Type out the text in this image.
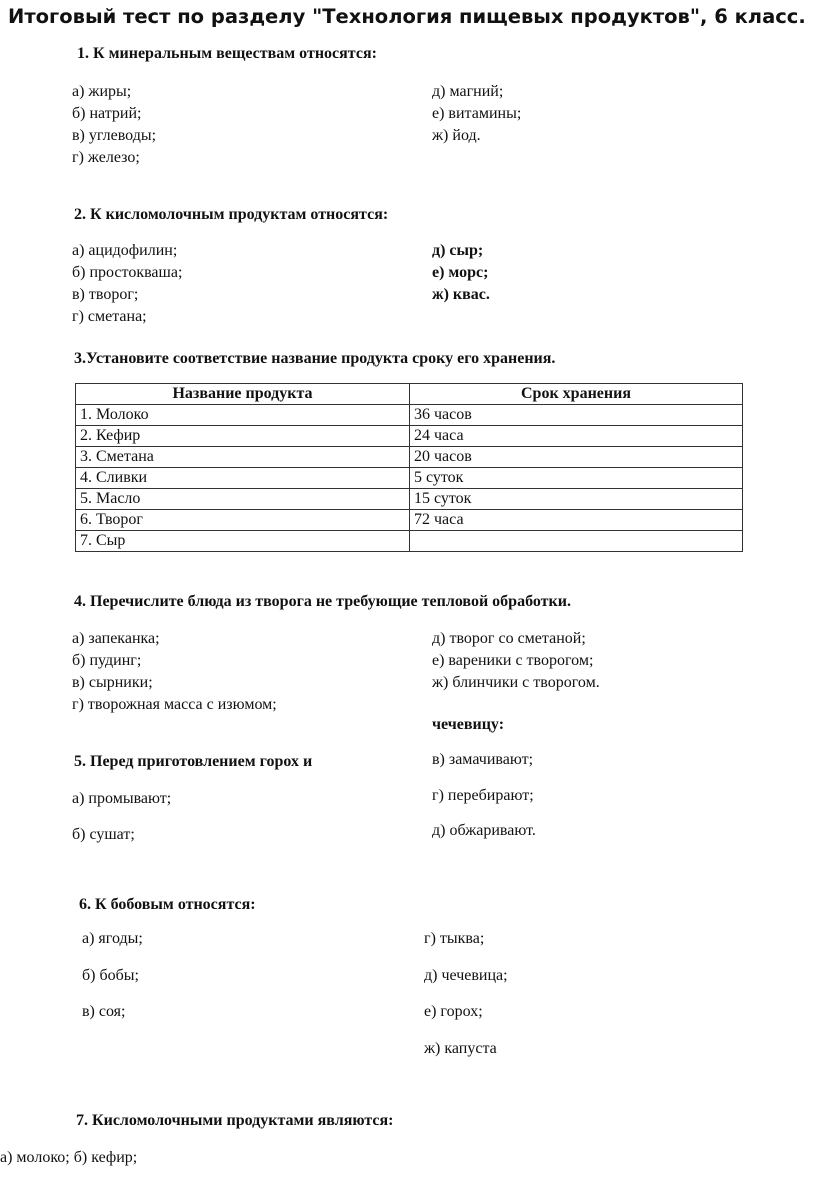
Итоговый тест по разделу "Технология пищевых продуктов", 6 класс.
1. К минеральным веществам относятся:
а) жиры;
б) натрий;
в) углеводы;
г) железо;
д) магний;
е) витамины;
ж) йод.
2. К кисломолочным продуктам относятся:
а) ацидофилин;
б) простокваша;
в) творог;
г) сметана;
д) сыр;
е) морс;
ж) квас.
3.Установите соответствие название продукта сроку его хранения.
Название продукта	Срок хранения
1. Молоко	36 часов
2. Кефир	24 часа
3. Сметана	20 часов
4. Сливки	5 суток
5. Масло	15 суток
6. Творог	72 часа
7. Сыр	
4. Перечислите блюда из творога не требующие тепловой обработки.
а) запеканка;
б) пудинг;
в) сырники;
г) творожная масса с изюмом;
д) творог со сметаной;
е) вареники с творогом;
ж) блинчики с творогом.
чечевицу:
5. Перед приготовлением горох и	в) замачивают;
а) промывают;	г) перебирают;
б) сушат;	д) обжаривают.
6. К бобовым относятся:
а) ягоды;
б) бобы;
в) соя;
г) тыква;
д) чечевица;
е) горох;
ж) капуста
7. Кисломолочными продуктами являются:
а) молоко; б) кефир;
